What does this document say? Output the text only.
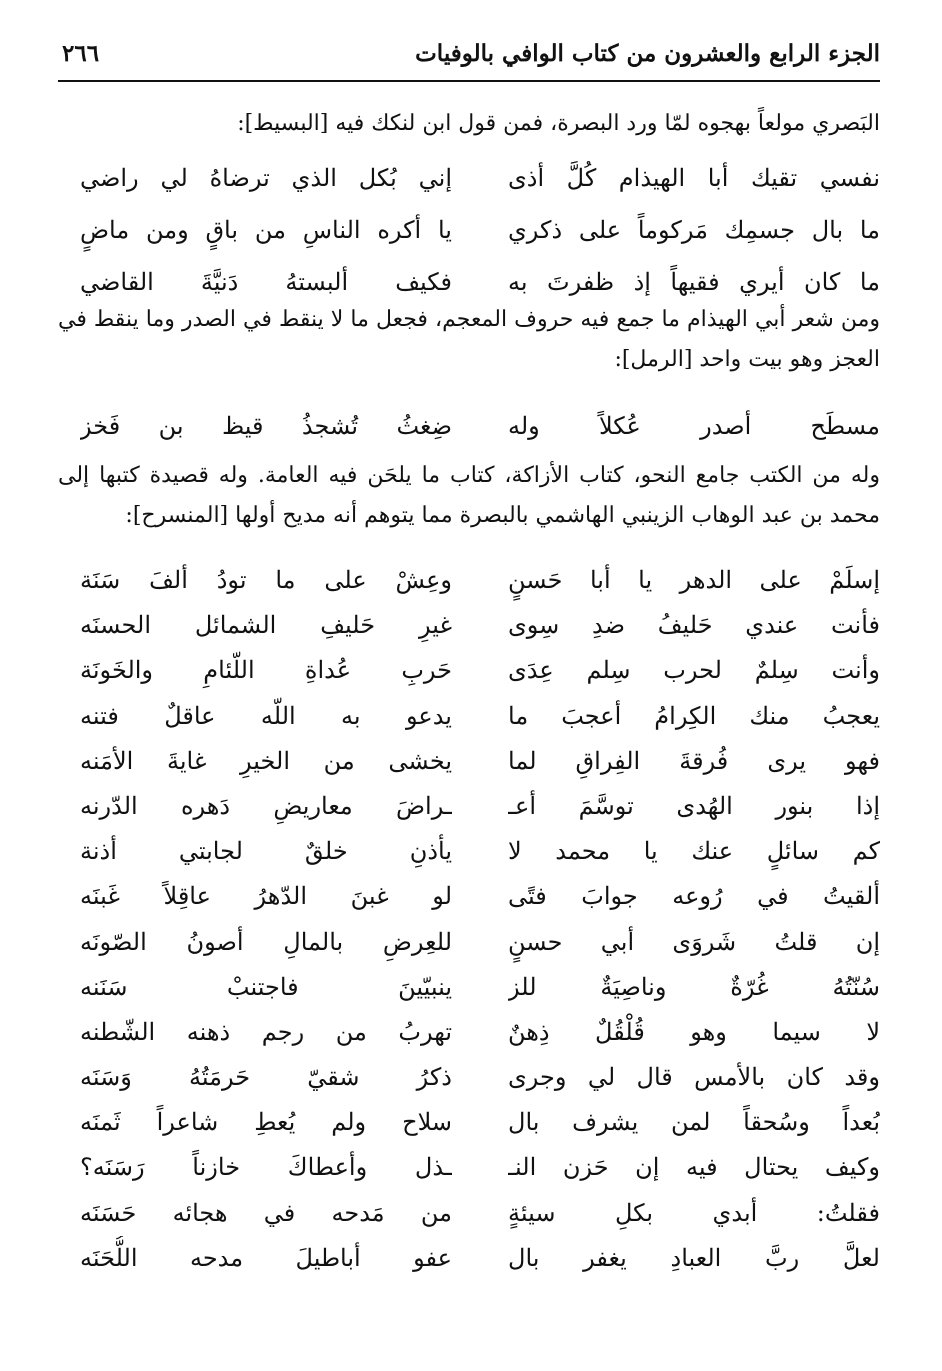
الجزء الرابع والعشرون من كتاب الوافي بالوفيات
٢٦٦

البَصري مولعاً بهجوه لمّا ورد البصرة، فمن قول ابن لنكك فيه [البسيط]:

نفسي تقيك أبا الهيذام كُلَّ أذى
إني بُكل الذي ترضاهُ لي راضي
ما بال جسمِك مَركوماً على ذكري
يا أكره الناسِ من باقٍ ومن ماضٍ
ما كان أيري فقيهاً إذ ظفرتَ به
فكيف ألبستهُ دَنيَّةَ القاضي

ومن شعر أبي الهيذام ما جمع فيه حروف المعجم، فجعل ما لا ينقط في الصدر وما ينقط في العجز وهو بيت واحد [الرمل]:

مسطَح أصدر عُكلاً وله
ضِغثُ تُشجذُ قيظ بن فَخز

وله من الكتب جامع النحو، كتاب الأزاكة، كتاب ما يلحَن فيه العامة. وله قصيدة كتبها إلى محمد بن عبد الوهاب الزينبي الهاشمي بالبصرة مما يتوهم أنه مديح أولها [المنسرح]:

إسلَمْ على الدهر يا أبا حَسنٍ
وعِشْ على ما تودُ ألفَ سَنَة
فأنت عندي حَليفُ ضدِ سِوى
غيرِ حَليفِ الشمائل الحسنَه
وأنت سِلمٌ لحرب سِلم عِدَى
حَربِ عُداةِ اللّئامِ والخَونَة
يعجبُ منك الكِرامُ أعجبَ ما
يدعو به اللّه عاقلٌ فتنه
فهو يرى فُرقةَ الفِراقِ لما
يخشى من الخيرِ غايةَ الأمَنه
إذا بنور الهُدى توسَّمَ أعـ
ـراضَ معاريضِ دَهره الدّرنه
كم سائلٍ عنك يا محمد لا
يأذنِ خلقٌ لجابتي أذنة
ألقيتُ في رُوعه جوابَ فتًى
لو غبنَ الدّهرُ عاقِلاً غَبنَه
إن قلتُ شَروَى أبي حسنٍ
للعِرضِ بالمالِ أصونُ الصّونَه
سُنّتُهُ غُرّةٌ وناصِيَةٌ للز
ينبيّينَ فاجتنبْ سَنَنه
لا سيما وهو قُلْقُلٌ ذِهنٌ
تهربُ من رجم ذهنه الشّطنه
وقد كان بالأمس قال لي وجرى
ذكرُ شقيّ حَرمَتُهُ وَسَنَه
بُعداً وسُحقاً لمن يشرف بال
سلاح ولم يُعطِ شاعراً ثَمنَه
وكيف يحتال فيه إن حَزن النـ
ـذل وأعطاكَ خازناً رَسَنَه؟
فقلتُ: أبدي بكلِ سيئةٍ
من مَدحه في هجائه حَسَنَه
لعلَّ ربَّ العبادِ يغفر بال
عفو أباطيلَ مدحه اللُّحَنَه
